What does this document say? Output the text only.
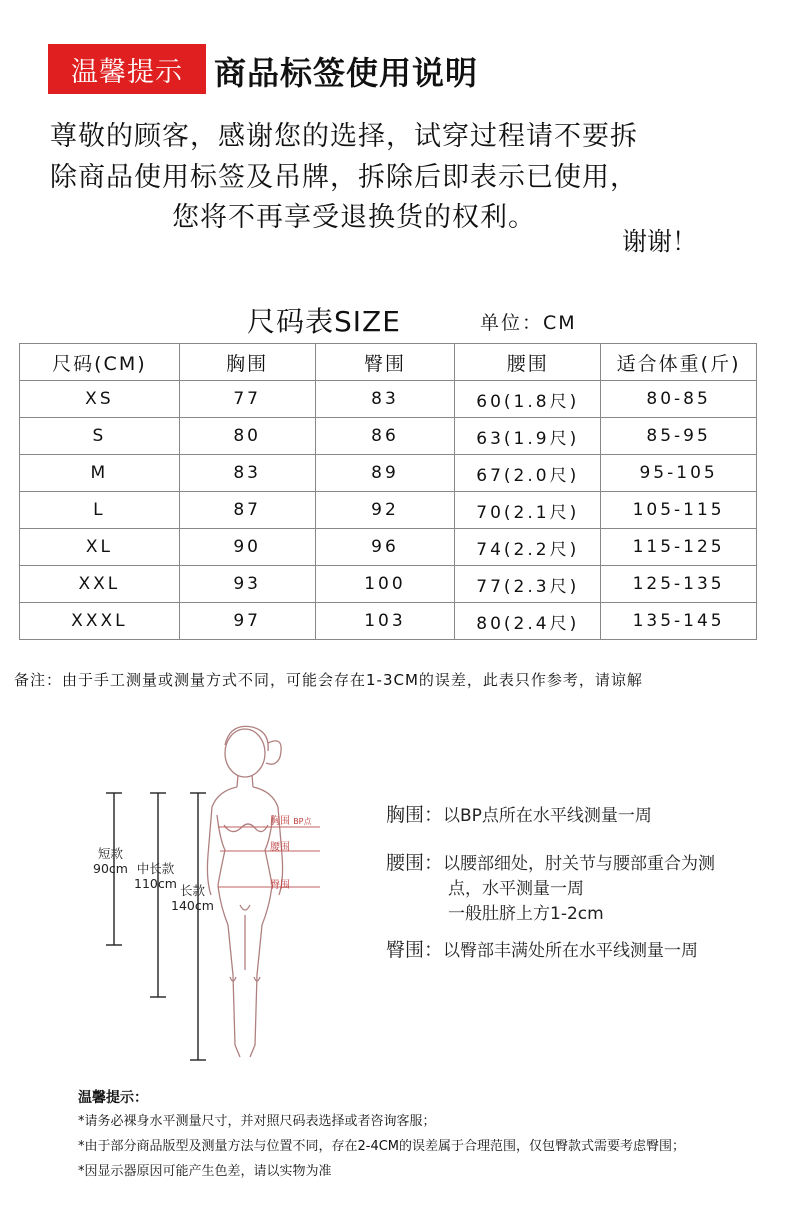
温馨提示 商品标签使用说明
尊敬的顾客，感谢您的选择，试穿过程请不要拆
除商品使用标签及吊牌，拆除后即表示已使用，
您将不再享受退换货的权利。
谢谢！
尺码表SIZE	单位：CM
尺码(CM)	胸围	臀围	腰围	适合体重(斤)
XS	77	83	60(1.8尺)	80-85
S	80	86	63(1.9尺)	85-95
M	83	89	67(2.0尺)	95-105
L	87	92	70(2.1尺)	105-115
XL	90	96	74(2.2尺)	115-125
XXL	93	100	77(2.3尺)	125-135
XXXL	97	103	80(2.4尺)	135-145
备注：由于手工测量或测量方式不同，可能会存在1-3CM的误差，此表只作参考，请谅解
短款
90cm 中长款
110cm 长款
140cm
胸围 BP点
腰围
臀围
胸围：以BP点所在水平线测量一周
腰围：以腰部细处，肘关节与腰部重合为测
点，水平测量一周
一般肚脐上方1-2cm
臀围：以臀部丰满处所在水平线测量一周
温馨提示：
*请务必裸身水平测量尺寸，并对照尺码表选择或者咨询客服；
*由于部分商品版型及测量方法与位置不同，存在2-4CM的误差属于合理范围，仅包臀款式需要考虑臀围；
*因显示器原因可能产生色差，请以实物为准
